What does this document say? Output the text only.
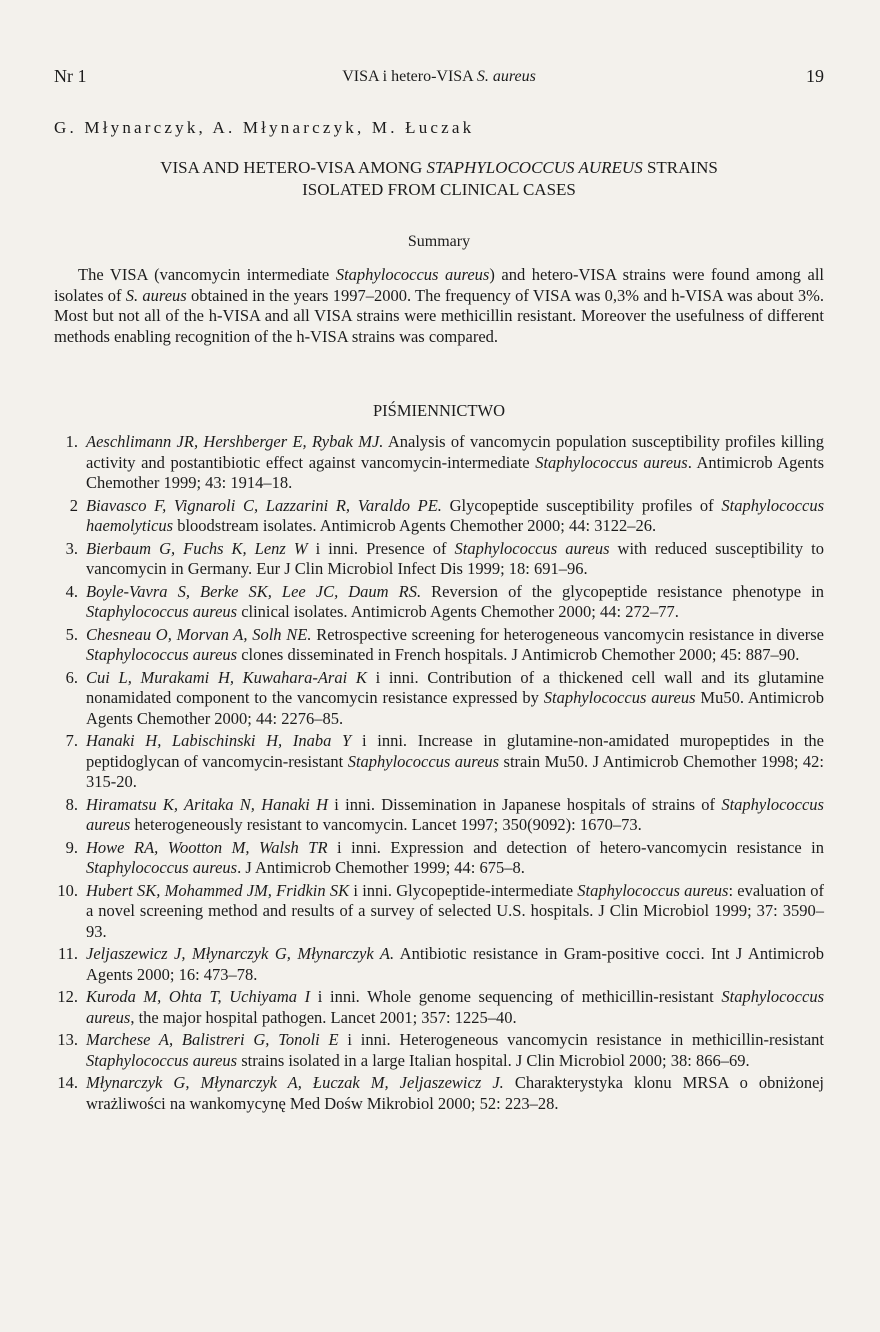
Nr 1	VISA i hetero-VISA S. aureus	19
G. Młynarczyk, A. Młynarczyk, M. Łuczak
VISA AND HETERO-VISA AMONG STAPHYLOCOCCUS AUREUS STRAINS
ISOLATED FROM CLINICAL CASES
Summary

The VISA (vancomycin intermediate Staphylococcus aureus) and hetero-VISA strains were found among all isolates of S. aureus obtained in the years 1997–2000. The frequency of VISA was 0,3% and h-VISA was about 3%. Most but not all of the h-VISA and all VISA strains were methicillin resistant. Moreover the usefulness of different methods enabling recognition of the h-VISA strains was compared.

PIŚMIENNICTWO
1. Aeschlimann JR, Hershberger E, Rybak MJ. Analysis of vancomycin population susceptibility profiles killing activity and postantibiotic effect against vancomycin-intermediate Staphylococcus aureus. Antimicrob Agents Chemother 1999; 43: 1914–18.
2 Biavasco F, Vignaroli C, Lazzarini R, Varaldo PE. Glycopeptide susceptibility profiles of Staphylococcus haemolyticus bloodstream isolates. Antimicrob Agents Chemother 2000; 44: 3122–26.
3. Bierbaum G, Fuchs K, Lenz W i inni. Presence of Staphylococcus aureus with reduced susceptibility to vancomycin in Germany. Eur J Clin Microbiol Infect Dis 1999; 18: 691–96.
4. Boyle-Vavra S, Berke SK, Lee JC, Daum RS. Reversion of the glycopeptide resistance phenotype in Staphylococcus aureus clinical isolates. Antimicrob Agents Chemother 2000; 44: 272–77.
5. Chesneau O, Morvan A, Solh NE. Retrospective screening for heterogeneous vancomycin resistance in diverse Staphylococcus aureus clones disseminated in French hospitals. J Antimicrob Chemother 2000; 45: 887–90.
6. Cui L, Murakami H, Kuwahara-Arai K i inni. Contribution of a thickened cell wall and its glutamine nonamidated component to the vancomycin resistance expressed by Staphylococcus aureus Mu50. Antimicrob Agents Chemother 2000; 44: 2276–85.
7. Hanaki H, Labischinski H, Inaba Y i inni. Increase in glutamine-non-amidated muropeptides in the peptidoglycan of vancomycin-resistant Staphylococcus aureus strain Mu50. J Antimicrob Chemother 1998; 42: 315-20.
8. Hiramatsu K, Aritaka N, Hanaki H i inni. Dissemination in Japanese hospitals of strains of Staphylococcus aureus heterogeneously resistant to vancomycin. Lancet 1997; 350(9092): 1670–73.
9. Howe RA, Wootton M, Walsh TR i inni. Expression and detection of hetero-vancomycin resistance in Staphylococcus aureus. J Antimicrob Chemother 1999; 44: 675–8.
10. Hubert SK, Mohammed JM, Fridkin SK i inni. Glycopeptide-intermediate Staphylococcus aureus: evaluation of a novel screening method and results of a survey of selected U.S. hospitals. J Clin Microbiol 1999; 37: 3590–93.
11. Jeljaszewicz J, Młynarczyk G, Młynarczyk A. Antibiotic resistance in Gram-positive cocci. Int J Antimicrob Agents 2000; 16: 473–78.
12. Kuroda M, Ohta T, Uchiyama I i inni. Whole genome sequencing of methicillin-resistant Staphylococcus aureus, the major hospital pathogen. Lancet 2001; 357: 1225–40.
13. Marchese A, Balistreri G, Tonoli E i inni. Heterogeneous vancomycin resistance in methicillin-resistant Staphylococcus aureus strains isolated in a large Italian hospital. J Clin Microbiol 2000; 38: 866–69.
14. Młynarczyk G, Młynarczyk A, Łuczak M, Jeljaszewicz J. Charakterystyka klonu MRSA o obniżonej wrażliwości na wankomycynę Med Dośw Mikrobiol 2000; 52: 223–28.
